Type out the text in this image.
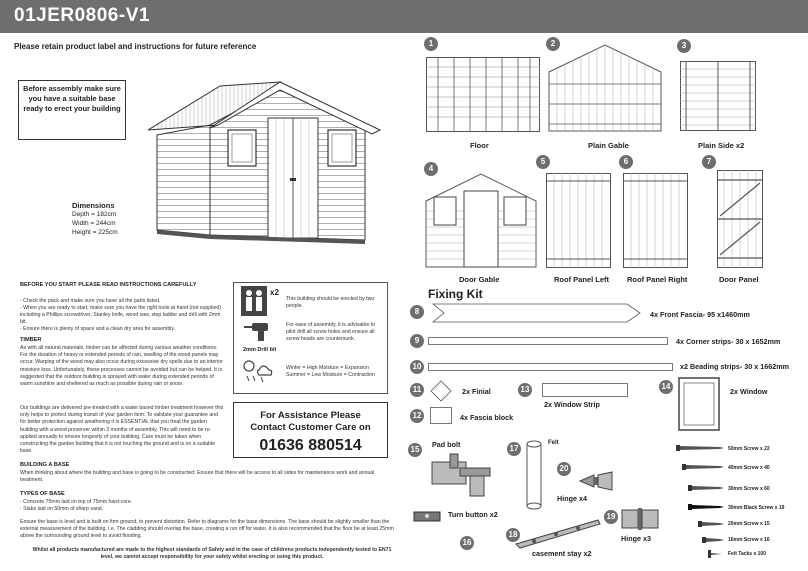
01JER0806-V1
Please retain product label and instructions for future reference
Before assembly make sure you have a suitable base ready to erect your building
Dimensions
Depth = 182cm
Width = 244cm
Height = 225cm
BEFORE YOU START PLEASE READ INSTRUCTIONS CAREFULLY
- Check the pack and make sure you have all the parts listed.
- When you are ready to start, make sure you have the right tools at hand (not supplied) including a Phillips screwdriver, Stanley knife, wood saw, step ladder and drill with 2mm bit.
- Ensure there is plenty of space and a clean dry area for assembly.
TIMBER
As with all natural materials, timber can be affected during various weather conditions. For the duration of heavy or extended periods of rain, swelling of the wood panels may occur. Warping of the wood may also occur during excessive dry spells due to an interior moisture loss. Unfortunately, these processes cannot be avoided but can be helped. It is suggested that the outdoor building is sprayed with water during extended periods of warm sunshine and sheltered as much as possible during rain or snow.
Our buildings are delivered pre-treated with a water based timber treatment however this only helps to protect during transit of your garden item. To validate your guarantee and for better protection against weathering it is ESSENTIAL that you treat the garden building with a wood preserver within 3 months of assembly. This will need to be re-applied annually to ensure longevity of your building. Care must be taken when constructing the garden building that it is not touching the ground and is on a suitable base.
BUILDING A BASE
When thinking about where the building and base is going to be constructed: Ensure that there will be access to all sides for maintenance work and annual treatment.
TYPES OF BASE
- Concrete 75mm laid on top of 75mm hard-core.
- Slabs laid on 50mm of sharp sand.
Ensure the base is level and is built on firm ground, to prevent distortion. Refer to diagrams for the base dimensions. The base should be slightly smaller than the external measurement of the building, i.e. The cladding should overlap the base, creating a run off for water. It is also recommended that the floor be at least 25mm above the surrounding ground level to avoid flooding.
Whilst all products manufactured are made to the highest standards of Safety and in the case of childrens products independently tested to EN71 level, we cannot accept responsibility for your safety whilst erecting or using this product.
x2
This building should be erected by two people.
2mm Drill bit
For ease of assembly, it is advisable to pilot drill all screw holes and ensure all screw heads are countersunk.
Winter = High Moisture = Expansion Summer = Low Moisture = Contraction
For Assistance Please
Contact Customer Care on
01636 880514
1
Floor
2
Plain Gable
3
Plain Side x2
4
Door Gable
5
Roof Panel Left
6
Roof Panel Right
7
Door Panel
Fixing Kit
8	4x Front Fascia- 95 x1460mm
9	4x Corner strips- 30 x 1652mm
10	x2 Beading strips- 30 x 1662mm
11	2x Finial
12	4x Fascia block
13
2x Window Strip
14
2x Window
15
Pad bolt	17
Felt
20
Hinge x4
19
Hinge x3
Turn button x2
16
18
casement stay x2
50mm Screw x 22
40mm Screw x 40
30mm Screw x 60
30mm Black Screw x 19
20mm Screw x 15
16mm Screw x 16
Felt Tacks x 100
